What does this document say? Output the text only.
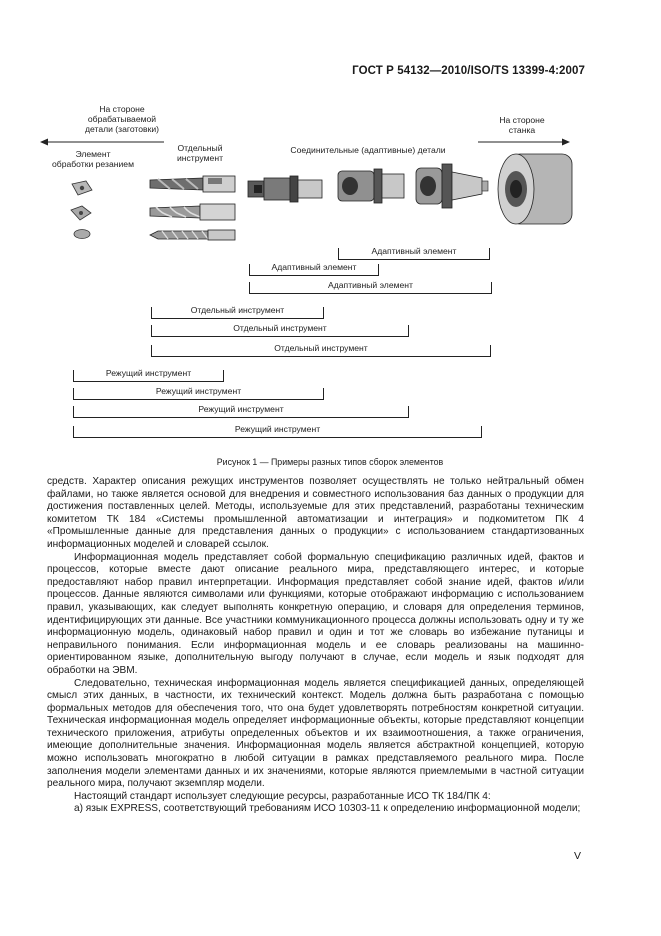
ГОСТ Р 54132—2010/ISO/TS 13399-4:2007
На стороне
обрабатываемой
детали (заготовки)
На стороне
станка
Элемент
обработки резанием
Отдельный
инструмент
Соединительные (адаптивные) детали
Адаптивный элемент
Адаптивный элемент
Адаптивный элемент
Отдельный инструмент
Отдельный инструмент
Отдельный инструмент
Режущий инструмент
Режущий инструмент
Режущий инструмент
Режущий инструмент
Рисунок 1 — Примеры разных типов сборок элементов

средств. Характер описания режущих инструментов позволяет осуществлять не только нейтральный обмен файлами, но также является основой для внедрения и совместного использования баз данных о продукции для достижения поставленных целей. Методы, используемые для этих представлений, разработаны техническим комитетом ТК 184 «Системы промышленной автоматизации и интеграция» и подкомитетом ПК 4 «Промышленные данные для представления данных о продукции» с использованием стандартизованных информационных моделей и словарей ссылок.

Информационная модель представляет собой формальную спецификацию различных идей, фактов и процессов, которые вместе дают описание реального мира, представляющего интерес, и которые предоставляют набор правил интерпретации. Информация представляет собой знание идей, фактов и/или процессов. Данные являются символами или функциями, которые отображают информацию с использованием правил, указывающих, как следует выполнять конкретную операцию, и словаря для определения терминов, идентифицирующих эти данные. Все участники коммуникационного процесса должны использовать одну и ту же информационную модель, одинаковый набор правил и один и тот же словарь во избежание путаницы и неправильного понимания. Если информационная модель и ее словарь реализованы на машинно-ориентированном языке, дополнительную выгоду получают в случае, если модель и язык подходят для обработки на ЭВМ.

Следовательно, техническая информационная модель является спецификацией данных, определяющей смысл этих данных, в частности, их технический контекст. Модель должна быть разработана с помощью формальных методов для обеспечения того, что она будет удовлетворять потребностям конкретной ситуации. Техническая информационная модель определяет информационные объекты, которые представляют концепции технического приложения, атрибуты определенных объектов и их взаимоотношения, а также ограничения, имеющие дополнительные значения. Информационная модель является абстрактной концепцией, которую можно использовать многократно в любой ситуации в рамках представляемого реального мира. После заполнения модели элементами данных и их значениями, которые являются приемлемыми в частной ситуации реального мира, получают экземпляр модели.

Настоящий стандарт использует следующие ресурсы, разработанные ИСО ТК 184/ПК 4:

a) язык EXPRESS, соответствующий требованиям ИСО 10303-11 к определению информационной модели;

V
